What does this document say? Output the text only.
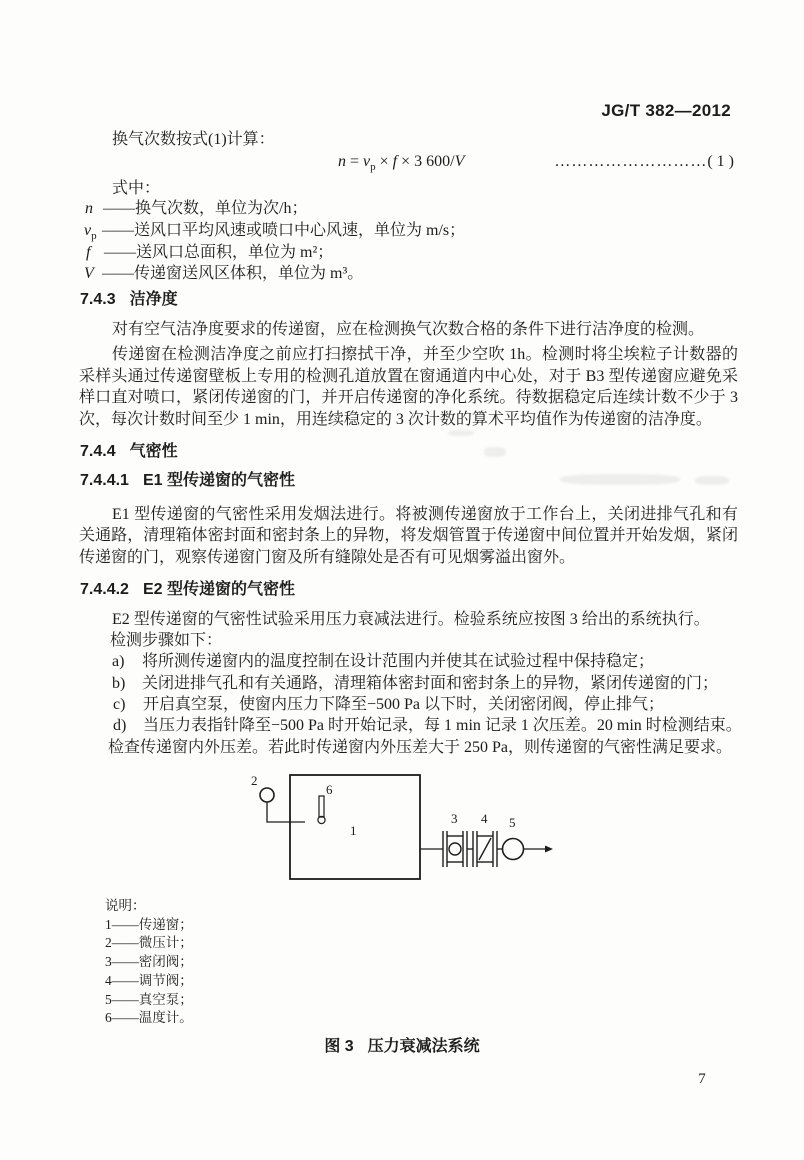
JG/T 382—2012
换气次数按式(1)计算：
$n = v_p \times f \times 3$ 600/V	………………………( 1 )
式中：
n ——换气次数，单位为次/h；
$v_p$ ——送风口平均风速或喷口中心风速，单位为 m/s；
f ——送风口总面积，单位为 m²；
V ——传递窗送风区体积，单位为 m³。
7.4.3 洁净度
对有空气洁净度要求的传递窗，应在检测换气次数合格的条件下进行洁净度的检测。
传递窗在检测洁净度之前应打扫擦拭干净，并至少空吹 1h。检测时将尘埃粒子计数器的采样头通过传递窗壁板上专用的检测孔道放置在窗通道内中心处，对于 B3 型传递窗应避免采样口直对喷口，紧闭传递窗的门，并开启传递窗的净化系统。待数据稳定后连续计数不少于 3 次，每次计数时间至少 1 min，用连续稳定的 3 次计数的算术平均值作为传递窗的洁净度。
7.4.4 气密性
7.4.4.1 E1 型传递窗的气密性
E1 型传递窗的气密性采用发烟法进行。将被测传递窗放于工作台上，关闭进排气孔和有关通路，清理箱体密封面和密封条上的异物，将发烟管置于传递窗中间位置并开始发烟，紧闭传递窗的门，观察传递窗门窗及所有缝隙处是否有可见烟雾溢出窗外。
7.4.4.2 E2 型传递窗的气密性
E2 型传递窗的气密性试验采用压力衰减法进行。检验系统应按图 3 给出的系统执行。
检测步骤如下：
a)	将所测传递窗内的温度控制在设计范围内并使其在试验过程中保持稳定；
b)	关闭进排气孔和有关通路，清理箱体密封面和密封条上的异物，紧闭传递窗的门；
c)	开启真空泵，使窗内压力下降至−500 Pa 以下时，关闭密闭阀，停止排气；
d)	当压力表指针降至−500 Pa 时开始记录，每 1 min 记录 1 次压差。20 min 时检测结束。
检查传递窗内外压差。若此时传递窗内外压差大于 250 Pa，则传递窗的气密性满足要求。
2
1
6
3 4 5
说明：
1——传递窗；
2——微压计；
3——密闭阀；
4——调节阀；
5——真空泵；
6——温度计。
图 3 压力衰减法系统
7
